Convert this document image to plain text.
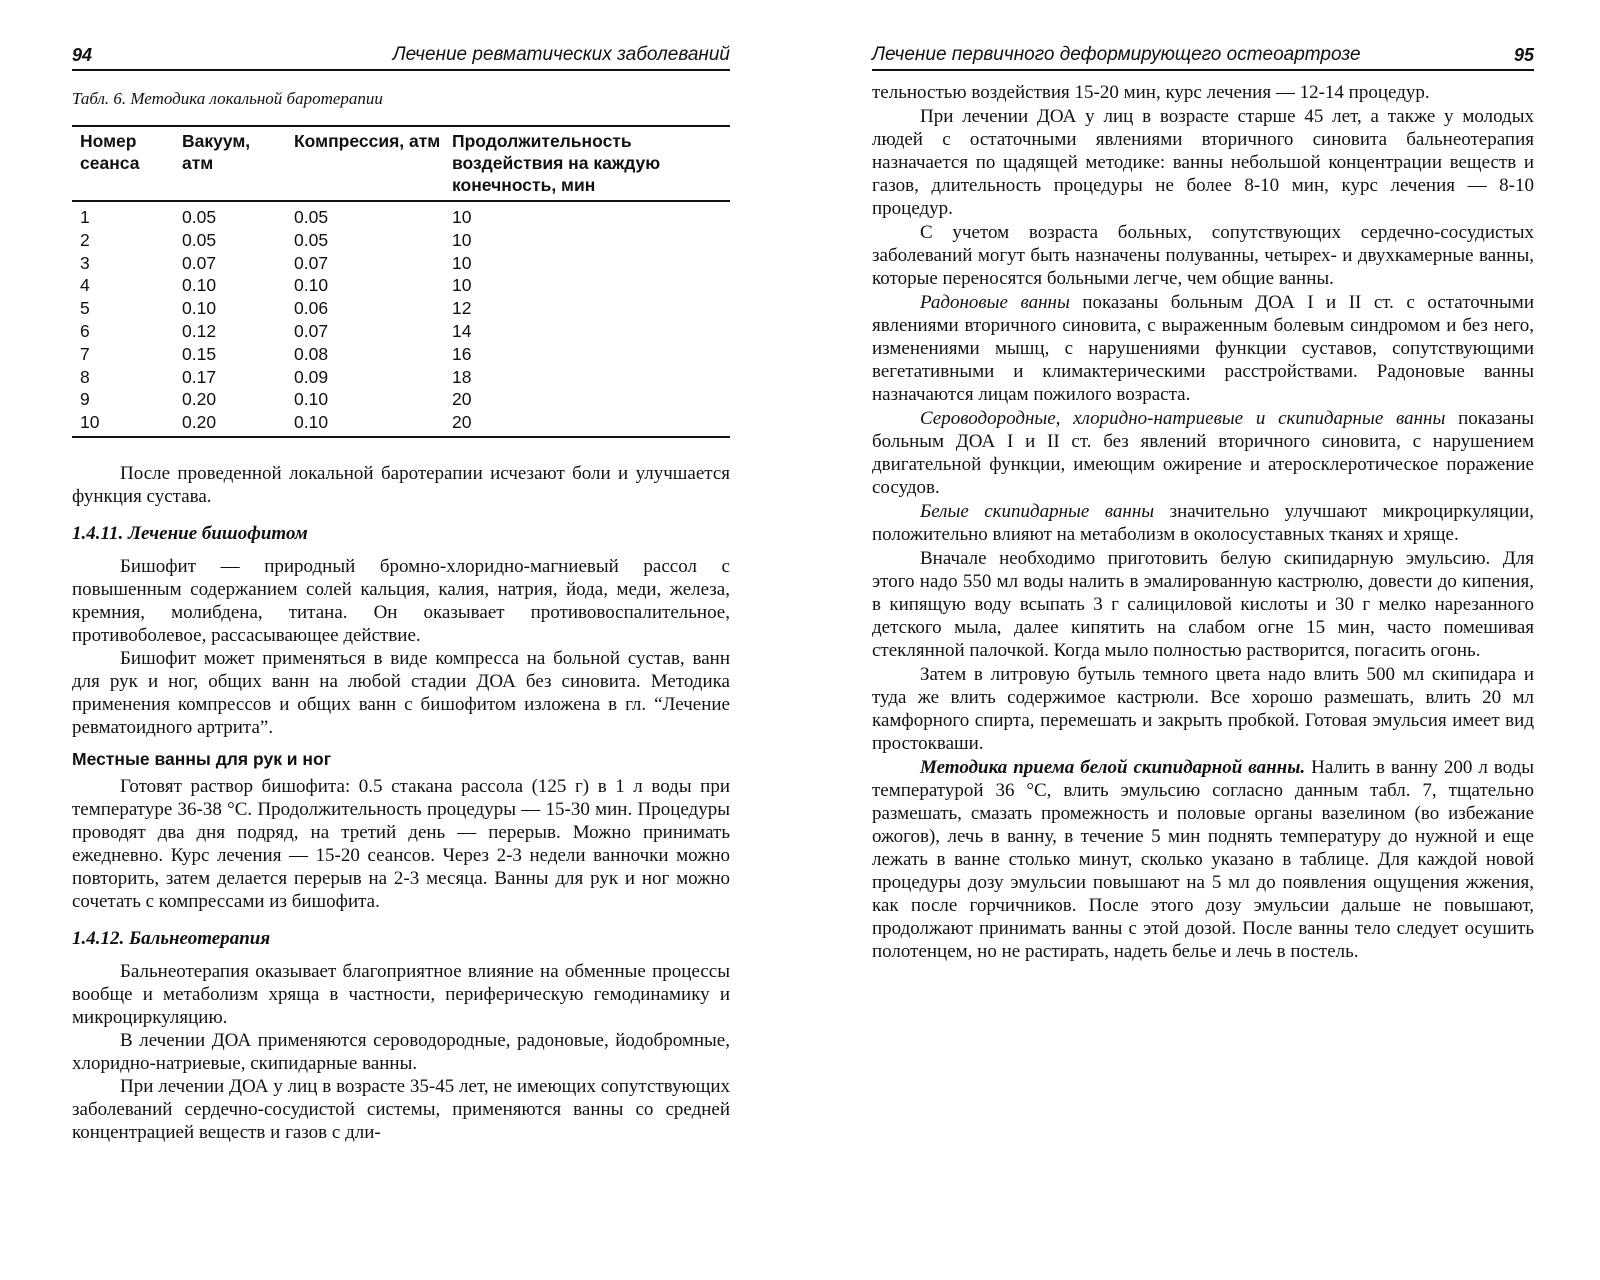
94	Лечение ревматических заболеваний
Табл. 6. Методика локальной баротерапии
Номер сеанса	Вакуум, атм	Компрессия, атм	Продолжительность воздействия на каждую конечность, мин
1	0.05	0.05	10
2	0.05	0.05	10
3	0.07	0.07	10
4	0.10	0.10	10
5	0.10	0.06	12
6	0.12	0.07	14
7	0.15	0.08	16
8	0.17	0.09	18
9	0.20	0.10	20
10	0.20	0.10	20

После проведенной локальной баротерапии исчезают боли и улучшается функция сустава.

1.4.11. Лечение бишофитом

Бишофит — природный бромно-хлоридно-магниевый рассол с повышенным содержанием солей кальция, калия, натрия, йода, меди, железа, кремния, молибдена, титана. Он оказывает противовоспалительное, противоболевое, рассасывающее действие.

Бишофит может применяться в виде компресса на больной сустав, ванн для рук и ног, общих ванн на любой стадии ДОА без синовита. Методика применения компрессов и общих ванн с бишофитом изложена в гл. “Лечение ревматоидного артрита”.

Местные ванны для рук и ног

Готовят раствор бишофита: 0.5 стакана рассола (125 г) в 1 л воды при температуре 36-38 °С. Продолжительность процедуры — 15-30 мин. Процедуры проводят два дня подряд, на третий день — перерыв. Можно принимать ежедневно. Курс лечения — 15-20 сеансов. Через 2-3 недели ванночки можно повторить, затем делается перерыв на 2-3 месяца. Ванны для рук и ног можно сочетать с компрессами из бишофита.

1.4.12. Бальнеотерапия

Бальнеотерапия оказывает благоприятное влияние на обменные процессы вообще и метаболизм хряща в частности, периферическую гемодинамику и микроциркуляцию.

В лечении ДОА применяются сероводородные, радоновые, йодобромные, хлоридно-натриевые, скипидарные ванны.

При лечении ДОА у лиц в возрасте 35-45 лет, не имеющих сопутствующих заболеваний сердечно-сосудистой системы, применяются ванны со средней концентрацией веществ и газов с дли-

Лечение первичного деформирующего остеоартрозе	95

тельностью воздействия 15-20 мин, курс лечения — 12-14 процедур.

При лечении ДОА у лиц в возрасте старше 45 лет, а также у молодых людей с остаточными явлениями вторичного синовита бальнеотерапия назначается по щадящей методике: ванны небольшой концентрации веществ и газов, длительность процедуры не более 8-10 мин, курс лечения — 8-10 процедур.

С учетом возраста больных, сопутствующих сердечно-сосудистых заболеваний могут быть назначены полуванны, четырех- и двухкамерные ванны, которые переносятся больными легче, чем общие ванны.

Радоновые ванны показаны больным ДОА I и II ст. с остаточными явлениями вторичного синовита, с выраженным болевым синдромом и без него, изменениями мышц, с нарушениями функции суставов, сопутствующими вегетативными и климактерическими расстройствами. Радоновые ванны назначаются лицам пожилого возраста.

Сероводородные, хлоридно-натриевые и скипидарные ванны показаны больным ДОА I и II ст. без явлений вторичного синовита, с нарушением двигательной функции, имеющим ожирение и атеросклеротическое поражение сосудов.

Белые скипидарные ванны значительно улучшают микроциркуляции, положительно влияют на метаболизм в околосуставных тканях и хряще.

Вначале необходимо приготовить белую скипидарную эмульсию. Для этого надо 550 мл воды налить в эмалированную кастрюлю, довести до кипения, в кипящую воду всыпать 3 г салициловой кислоты и 30 г мелко нарезанного детского мыла, далее кипятить на слабом огне 15 мин, часто помешивая стеклянной палочкой. Когда мыло полностью растворится, погасить огонь.

Затем в литровую бутыль темного цвета надо влить 500 мл скипидара и туда же влить содержимое кастрюли. Все хорошо размешать, влить 20 мл камфорного спирта, перемешать и закрыть пробкой. Готовая эмульсия имеет вид простокваши.

Методика приема белой скипидарной ванны. Налить в ванну 200 л воды температурой 36 °С, влить эмульсию согласно данным табл. 7, тщательно размешать, смазать промежность и половые органы вазелином (во избежание ожогов), лечь в ванну, в течение 5 мин поднять температуру до нужной и еще лежать в ванне столько минут, сколько указано в таблице. Для каждой новой процедуры дозу эмульсии повышают на 5 мл до появления ощущения жжения, как после горчичников. После этого дозу эмульсии дальше не повышают, продолжают принимать ванны с этой дозой. После ванны тело следует осушить полотенцем, но не растирать, надеть белье и лечь в постель.
